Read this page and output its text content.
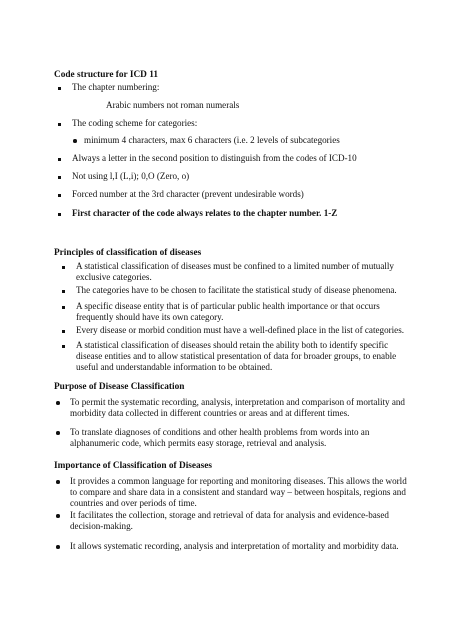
Code structure for ICD 11
The chapter numbering:
Arabic numbers not roman numerals
The coding scheme for categories:
minimum 4 characters, max 6 characters (i.e. 2 levels of subcategories
Always a letter in the second position to distinguish from the codes of ICD-10
Not using l,I (L,i); 0,O (Zero, o)
Forced number at the 3rd character (prevent undesirable words)
First character of the code always relates to the chapter number. 1-Z
Principles of classification of diseases
A statistical classification of diseases must be confined to a limited number of mutually
exclusive categories.
The categories have to be chosen to facilitate the statistical study of disease phenomena.
A specific disease entity that is of particular public health importance or that occurs
frequently should have its own category.
Every disease or morbid condition must have a well-defined place in the list of categories.
A statistical classification of diseases should retain the ability both to identify specific
disease entities and to allow statistical presentation of data for broader groups, to enable
useful and understandable information to be obtained.
Purpose of Disease Classification
To permit the systematic recording, analysis, interpretation and comparison of mortality and
morbidity data collected in different countries or areas and at different times.
To translate diagnoses of conditions and other health problems from words into an
alphanumeric code, which permits easy storage, retrieval and analysis.
Importance of Classification of Diseases
It provides a common language for reporting and monitoring diseases. This allows the world
to compare and share data in a consistent and standard way – between hospitals, regions and
countries and over periods of time.
It facilitates the collection, storage and retrieval of data for analysis and evidence-based
decision-making.
It allows systematic recording, analysis and interpretation of mortality and morbidity data.
